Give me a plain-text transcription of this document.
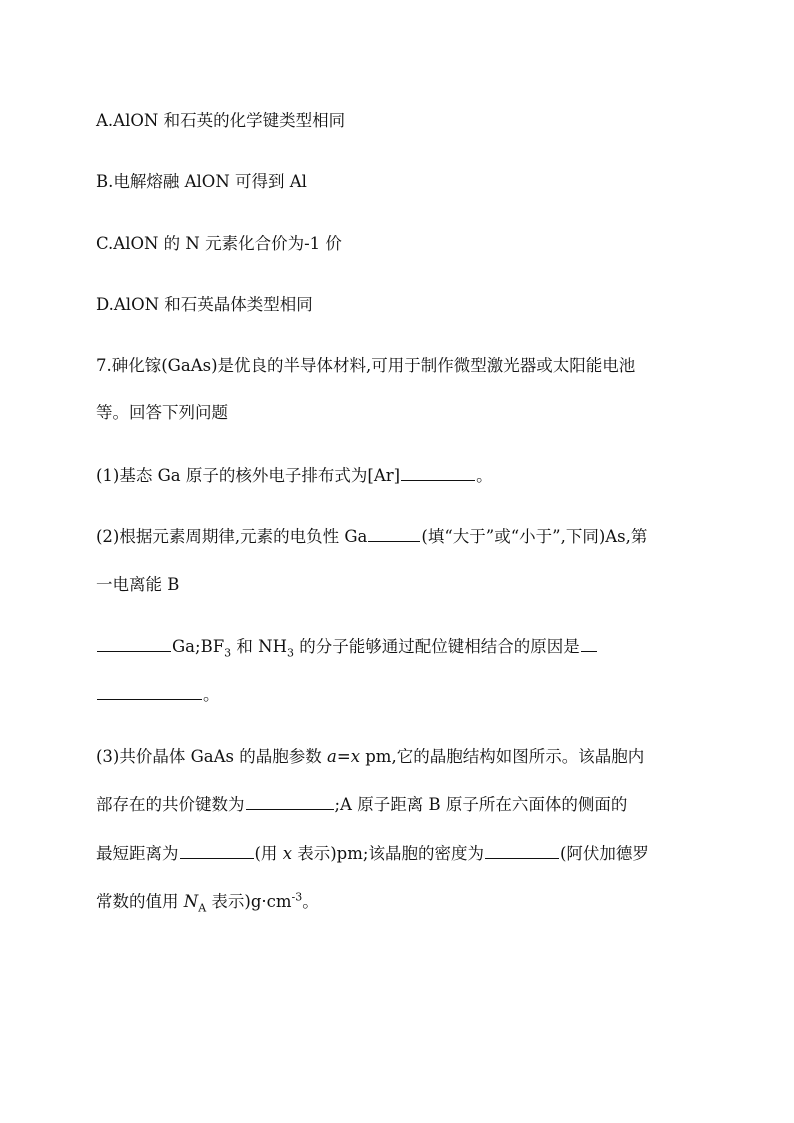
A.AlON 和石英的化学键类型相同
B.电解熔融 AlON 可得到 Al
C.AlON 的 N 元素化合价为-1 价
D.AlON 和石英晶体类型相同
7.砷化镓(GaAs)是优良的半导体材料,可用于制作微型激光器或太阳能电池
等。回答下列问题
(1)基态 Ga 原子的核外电子排布式为[Ar]	。
(2)根据元素周期律,元素的电负性 Ga	(填“大于”或“小于”,下同)As,第
一电离能 B
$Ga;BF_3$ 和 $NH_3$ 的分子能够通过配位键相结合的原因是
。
(3)共价晶体 GaAs 的晶胞参数 a=x pm,它的晶胞结构如图所示。该晶胞内
部存在的共价键数为	;A 原子距离 B 原子所在六面体的侧面的
最短距离为	(用 x 表示)pm;该晶胞的密度为	(阿伏加德罗
常数的值用 $N_A$ 表示)$g\cdot cm^{-3}$。
